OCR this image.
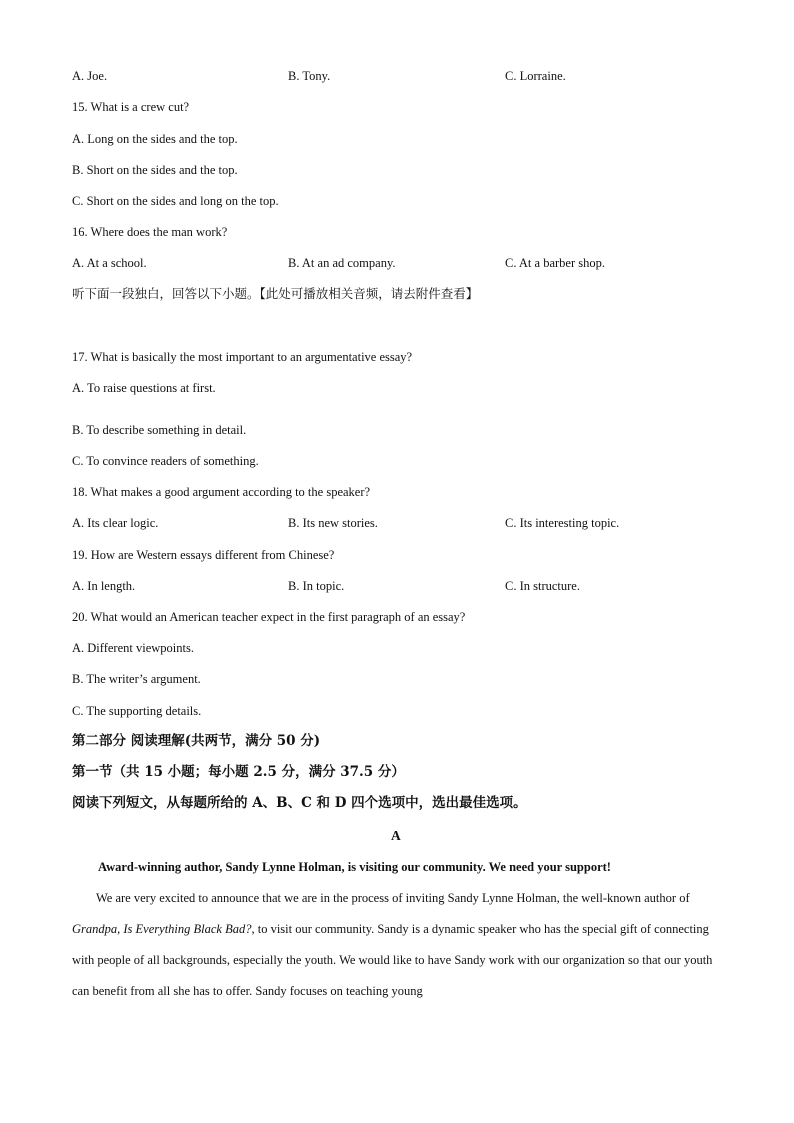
A. Joe.	B. Tony.	C. Lorraine.
15. What is a crew cut?
A. Long on the sides and the top.
B. Short on the sides and the top.
C. Short on the sides and long on the top.
16. Where does the man work?
A. At a school.	B. At an ad company.	C. At a barber shop.
听下面一段独白，回答以下小题。【此处可播放相关音频，请去附件查看】
17. What is basically the most important to an argumentative essay?
A. To raise questions at first.
B. To describe something in detail.
C. To convince readers of something.
18. What makes a good argument according to the speaker?
A. Its clear logic.	B. Its new stories.	C. Its interesting topic.
19. How are Western essays different from Chinese?
A. In length.	B. In topic.	C. In structure.
20. What would an American teacher expect in the first paragraph of an essay?
A. Different viewpoints.
B. The writer’s argument.
C. The supporting details.
第二部分 阅读理解(共两节，满分 50 分)
第一节（共 15 小题；每小题 2.5 分，满分 37.5 分）
阅读下列短文，从每题所给的 A、B、C 和 D 四个选项中，选出最佳选项。
A
Award-winning author, Sandy Lynne Holman, is visiting our community. We need your support!
We are very excited to announce that we are in the process of inviting Sandy Lynne Holman, the well-known author of Grandpa, Is Everything Black Bad?, to visit our community. Sandy is a dynamic speaker who has the special gift of connecting with people of all backgrounds, especially the youth. We would like to have Sandy work with our organization so that our youth can benefit from all she has to offer. Sandy focuses on teaching young
